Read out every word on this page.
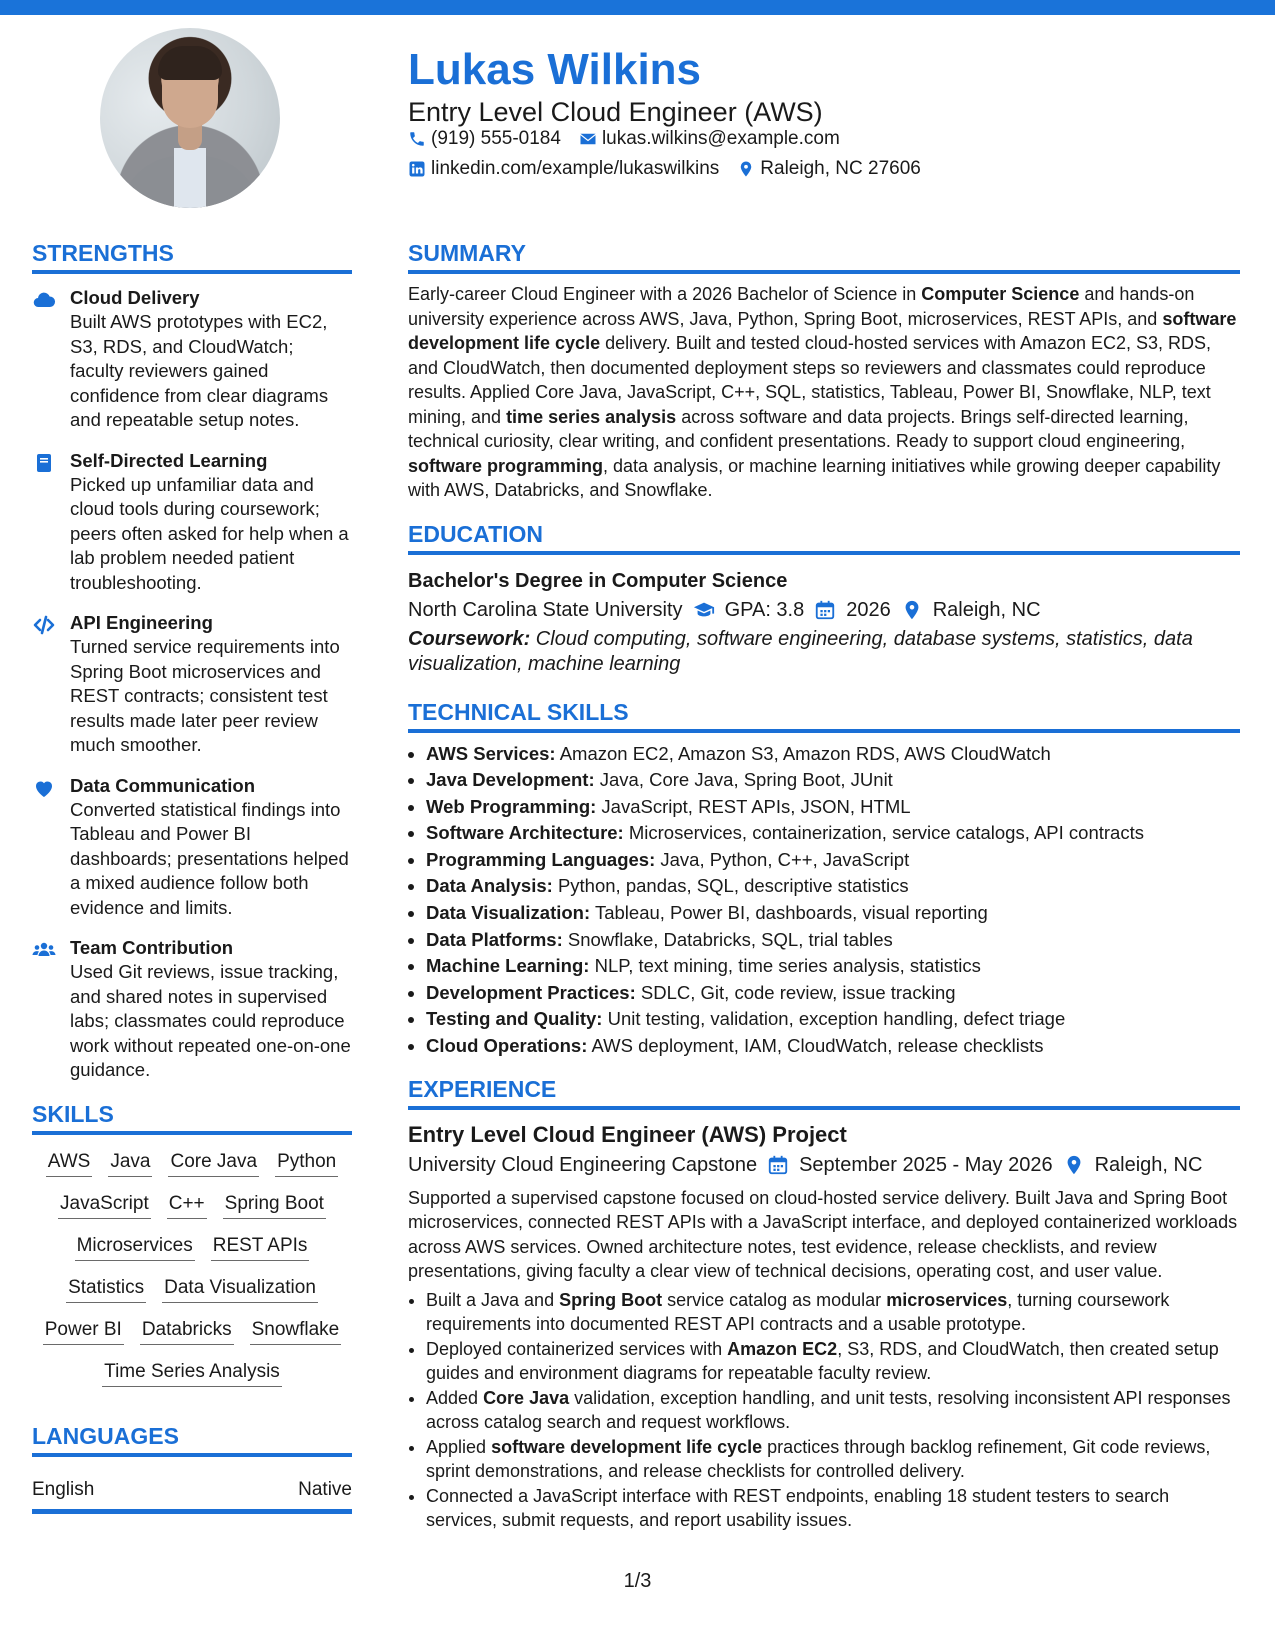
Lukas Wilkins
Entry Level Cloud Engineer (AWS)
(919) 555-0184 lukas.wilkins@example.com
linkedin.com/example/lukaswilkins Raleigh, NC 27606
STRENGTHS
Cloud Delivery
Built AWS prototypes with EC2, S3, RDS, and CloudWatch; faculty reviewers gained confidence from clear diagrams and repeatable setup notes.
Self-Directed Learning
Picked up unfamiliar data and cloud tools during coursework; peers often asked for help when a lab problem needed patient troubleshooting.
API Engineering
Turned service requirements into Spring Boot microservices and REST contracts; consistent test results made later peer review much smoother.
Data Communication
Converted statistical findings into Tableau and Power BI dashboards; presentations helped a mixed audience follow both evidence and limits.
Team Contribution
Used Git reviews, issue tracking, and shared notes in supervised labs; classmates could reproduce work without repeated one-on-one guidance.
SKILLS
AWS Java Core Java Python
JavaScript C++ Spring Boot
Microservices REST APIs
Statistics Data Visualization
Power BI Databricks Snowflake
Time Series Analysis
LANGUAGES
English	Native
SUMMARY

Early-career Cloud Engineer with a 2026 Bachelor of Science in Computer Science and hands-on university experience across AWS, Java, Python, Spring Boot, microservices, REST APIs, and software development life cycle delivery. Built and tested cloud-hosted services with Amazon EC2, S3, RDS, and CloudWatch, then documented deployment steps so reviewers and classmates could reproduce results. Applied Core Java, JavaScript, C++, SQL, statistics, Tableau, Power BI, Snowflake, NLP, text mining, and time series analysis across software and data projects. Brings self-directed learning, technical curiosity, clear writing, and confident presentations. Ready to support cloud engineering, software programming, data analysis, or machine learning initiatives while growing deeper capability with AWS, Databricks, and Snowflake.

EDUCATION
Bachelor's Degree in Computer Science
North Carolina State University GPA: 3.8 2026 Raleigh, NC
Coursework: Cloud computing, software engineering, database systems, statistics, data visualization, machine learning
TECHNICAL SKILLS
• AWS Services: Amazon EC2, Amazon S3, Amazon RDS, AWS CloudWatch
• Java Development: Java, Core Java, Spring Boot, JUnit
• Web Programming: JavaScript, REST APIs, JSON, HTML
• Software Architecture: Microservices, containerization, service catalogs, API contracts
• Programming Languages: Java, Python, C++, JavaScript
• Data Analysis: Python, pandas, SQL, descriptive statistics
• Data Visualization: Tableau, Power BI, dashboards, visual reporting
• Data Platforms: Snowflake, Databricks, SQL, trial tables
• Machine Learning: NLP, text mining, time series analysis, statistics
• Development Practices: SDLC, Git, code review, issue tracking
• Testing and Quality: Unit testing, validation, exception handling, defect triage
• Cloud Operations: AWS deployment, IAM, CloudWatch, release checklists
EXPERIENCE
Entry Level Cloud Engineer (AWS) Project
University Cloud Engineering Capstone September 2025 - May 2026 Raleigh, NC

Supported a supervised capstone focused on cloud-hosted service delivery. Built Java and Spring Boot microservices, connected REST APIs with a JavaScript interface, and deployed containerized workloads across AWS services. Owned architecture notes, test evidence, release checklists, and review presentations, giving faculty a clear view of technical decisions, operating cost, and user value.

• Built a Java and Spring Boot service catalog as modular microservices, turning coursework requirements into documented REST API contracts and a usable prototype.
• Deployed containerized services with Amazon EC2, S3, RDS, and CloudWatch, then created setup guides and environment diagrams for repeatable faculty review.
• Added Core Java validation, exception handling, and unit tests, resolving inconsistent API responses across catalog search and request workflows.
• Applied software development life cycle practices through backlog refinement, Git code reviews, sprint demonstrations, and release checklists for controlled delivery.
• Connected a JavaScript interface with REST endpoints, enabling 18 student testers to search services, submit requests, and report usability issues.
1/3
